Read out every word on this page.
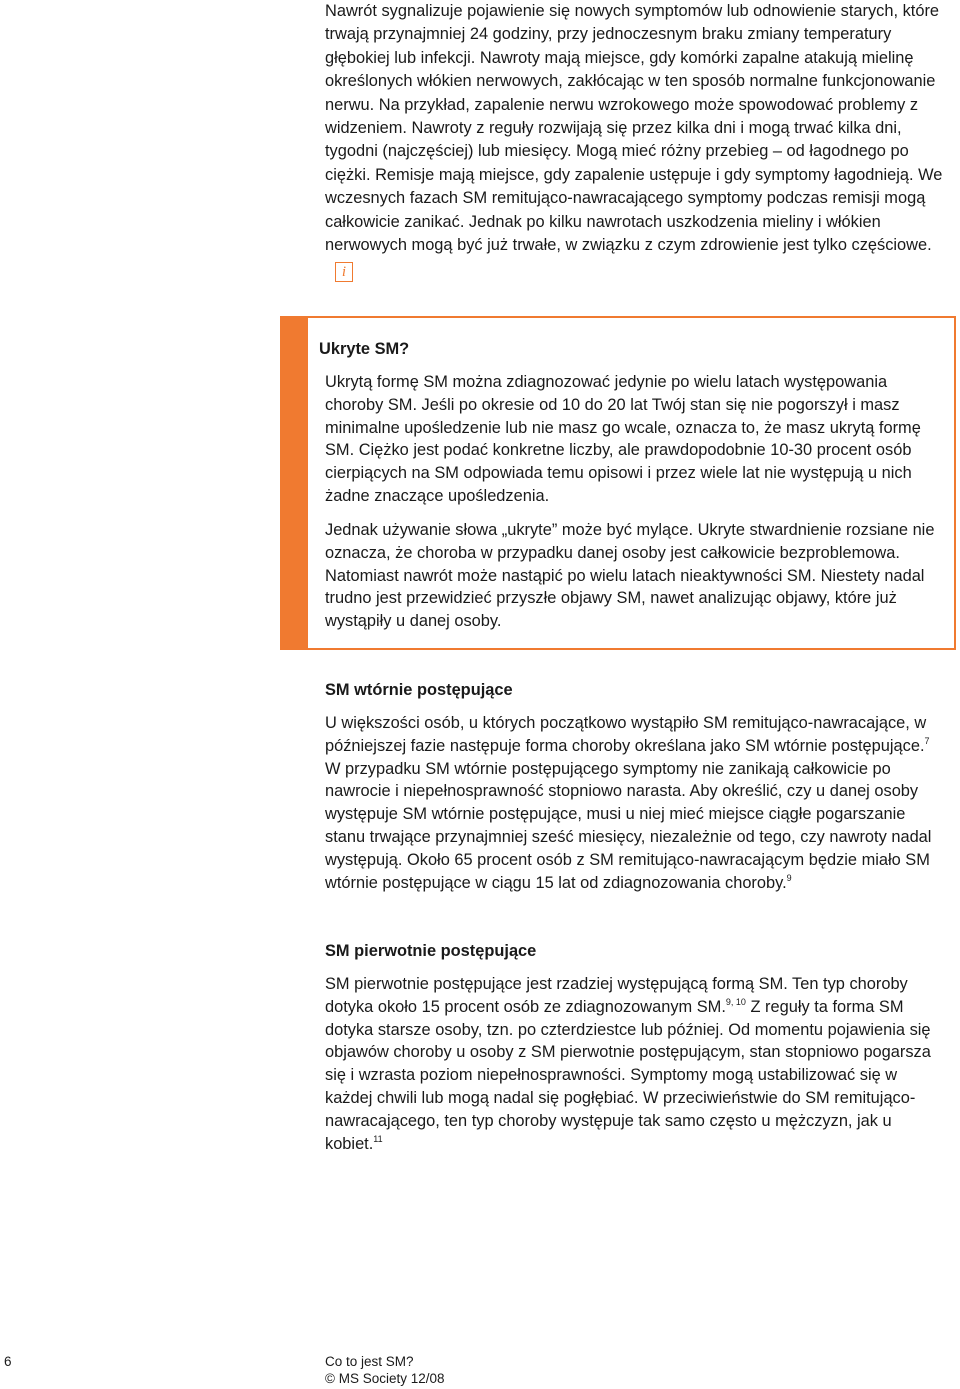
Nawrót sygnalizuje pojawienie się nowych symptomów lub odnowienie starych, które trwają przynajmniej 24 godziny, przy jednoczesnym braku zmiany temperatury głębokiej lub infekcji. Nawroty mają miejsce, gdy komórki zapalne atakują mielinę określonych włókien nerwowych, zakłócając w ten sposób normalne funkcjonowanie nerwu. Na przykład, zapalenie nerwu wzrokowego może spowodować problemy z widzeniem. Nawroty z reguły rozwijają się przez kilka dni i mogą trwać kilka dni, tygodni (najczęściej) lub miesięcy. Mogą mieć różny przebieg – od łagodnego po ciężki. Remisje mają miejsce, gdy zapalenie ustępuje i gdy symptomy łagodnieją. We wczesnych fazach SM remitująco-nawracającego symptomy podczas remisji mogą całkowicie zanikać. Jednak po kilku nawrotach uszkodzenia mieliny i włókien nerwowych mogą być już trwałe, w związku z czym zdrowienie jest tylko częściowe.i

Ukryte SM?

Ukrytą formę SM można zdiagnozować jedynie po wielu latach występowania choroby SM. Jeśli po okresie od 10 do 20 lat Twój stan się nie pogorszył i masz minimalne upośledzenie lub nie masz go wcale, oznacza to, że masz ukrytą formę SM. Ciężko jest podać konkretne liczby, ale prawdopodobnie 10-30 procent osób cierpiących na SM odpowiada temu opisowi i przez wiele lat nie występują u nich żadne znaczące upośledzenia.

Jednak używanie słowa „ukryte” może być mylące. Ukryte stwardnienie rozsiane nie oznacza, że choroba w przypadku danej osoby jest całkowicie bezproblemowa. Natomiast nawrót może nastąpić po wielu latach nieaktywności SM. Niestety nadal trudno jest przewidzieć przyszłe objawy SM, nawet analizując objawy, które już wystąpiły u danej osoby.

SM wtórnie postępujące

U większości osób, u których początkowo wystąpiło SM remitująco-nawracające, w późniejszej fazie następuje forma choroby określana jako SM wtórnie postępujące.$^7$ W przypadku SM wtórnie postępującego symptomy nie zanikają całkowicie po nawrocie i niepełnosprawność stopniowo narasta. Aby określić, czy u danej osoby występuje SM wtórnie postępujące, musi u niej mieć miejsce ciągłe pogarszanie stanu trwające przynajmniej sześć miesięcy, niezależnie od tego, czy nawroty nadal występują. Około 65 procent osób z SM remitująco-nawracającym będzie miało SM wtórnie postępujące w ciągu 15 lat od zdiagnozowania choroby.$^9$

SM pierwotnie postępujące

SM pierwotnie postępujące jest rzadziej występującą formą SM. Ten typ choroby dotyka około 15 procent osób ze zdiagnozowanym SM.$^{9, 10}$ Z reguły ta forma SM dotyka starsze osoby, tzn. po czterdziestce lub później. Od momentu pojawienia się objawów choroby u osoby z SM pierwotnie postępującym, stan stopniowo pogarsza się i wzrasta poziom niepełnosprawności. Symptomy mogą ustabilizować się w każdej chwili lub mogą nadal się pogłębiać. W przeciwieństwie do SM remitująco-nawracającego, ten typ choroby występuje tak samo często u mężczyzn, jak u kobiet.$^{11}$

6	Co to jest SM?
© MS Society 12/08
